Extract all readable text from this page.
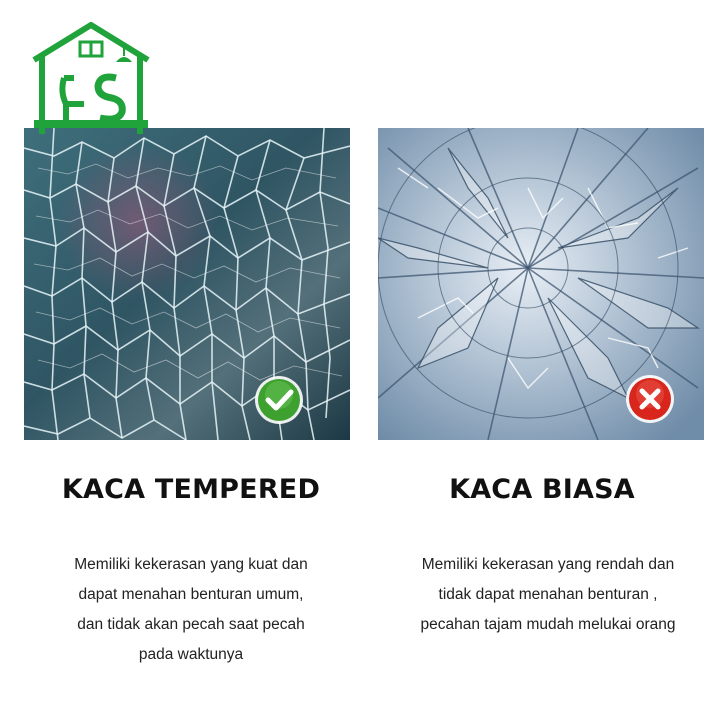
KACA TEMPERED	KACA BIASA

Memiliki kekerasan yang kuat dan
dapat menahan benturan umum,
dan tidak akan pecah saat pecah
pada waktunya

Memiliki kekerasan yang rendah dan
tidak dapat menahan benturan ,
pecahan tajam mudah melukai orang
